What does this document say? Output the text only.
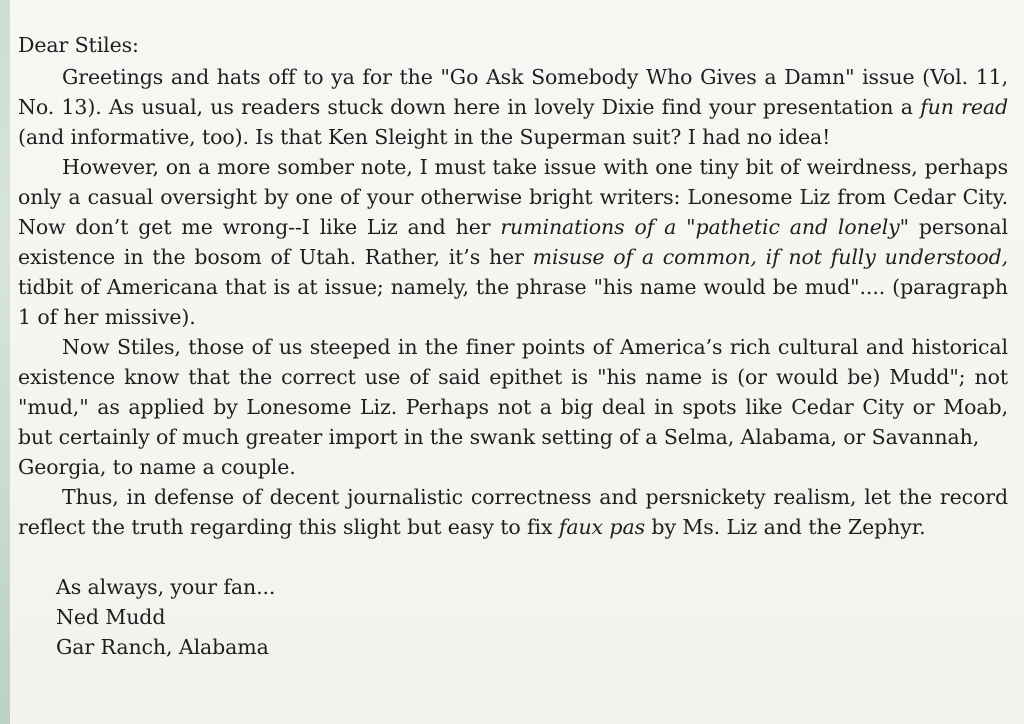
Dear Stiles:

Greetings and hats off to ya for the "Go Ask Somebody Who Gives a Damn" issue (Vol. 11, No. 13). As usual, us readers stuck down here in lovely Dixie find your presentation a fun read (and informative, too). Is that Ken Sleight in the Superman suit? I had no idea!

However, on a more somber note, I must take issue with one tiny bit of weirdness, perhaps only a casual oversight by one of your otherwise bright writers: Lonesome Liz from Cedar City. Now don’t get me wrong--I like Liz and her ruminations of a "pathetic and lonely" personal existence in the bosom of Utah. Rather, it’s her misuse of a common, if not fully understood, tidbit of Americana that is at issue; namely, the phrase "his name would be mud".... (paragraph 1 of her missive).

Now Stiles, those of us steeped in the finer points of America’s rich cultural and historical existence know that the correct use of said epithet is "his name is (or would be) Mudd"; not "mud," as applied by Lonesome Liz. Perhaps not a big deal in spots like Cedar City or Moab, but certainly of much greater import in the swank setting of a Selma, Alabama, or Savannah,

Georgia, to name a couple.

Thus, in defense of decent journalistic correctness and persnickety realism, let the record reflect the truth regarding this slight but easy to fix faux pas by Ms. Liz and the Zephyr.

As always, your fan...
Ned Mudd
Gar Ranch, Alabama
